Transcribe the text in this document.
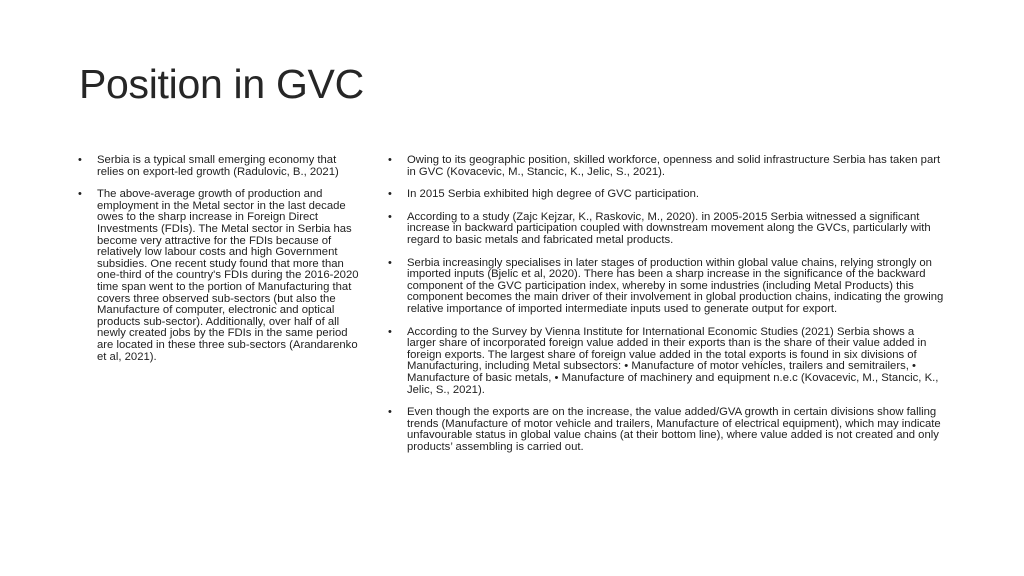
Position in GVC
• Serbia is a typical small emerging economy that relies on export-led growth (Radulovic, B., 2021)
• The above-average growth of production and employment in the Metal sector in the last decade owes to the sharp increase in Foreign Direct Investments (FDIs). The Metal sector in Serbia has become very attractive for the FDIs because of relatively low labour costs and high Government subsidies. One recent study found that more than one-third of the country's FDIs during the 2016-2020 time span went to the portion of Manufacturing that covers three observed sub-sectors (but also the Manufacture of computer, electronic and optical products sub-sector). Additionally, over half of all newly created jobs by the FDIs in the same period are located in these three sub-sectors (Arandarenko et al, 2021).
• Owing to its geographic position, skilled workforce, openness and solid infrastructure Serbia has taken part in GVC (Kovacevic, M., Stancic, K., Jelic, S., 2021).
• In 2015 Serbia exhibited high degree of GVC participation.
• According to a study (Zajc Kejzar, K., Raskovic, M., 2020). in 2005-2015 Serbia witnessed a significant increase in backward participation coupled with downstream movement along the GVCs, particularly with regard to basic metals and fabricated metal products.
• Serbia increasingly specialises in later stages of production within global value chains, relying strongly on imported inputs (Bjelic et al, 2020). There has been a sharp increase in the significance of the backward component of the GVC participation index, whereby in some industries (including Metal Products) this component becomes the main driver of their involvement in global production chains, indicating the growing relative importance of imported intermediate inputs used to generate output for export.
• According to the Survey by Vienna Institute for International Economic Studies (2021) Serbia shows a larger share of incorporated foreign value added in their exports than is the share of their value added in foreign exports. The largest share of foreign value added in the total exports is found in six divisions of Manufacturing, including Metal subsectors: • Manufacture of motor vehicles, trailers and semitrailers, • Manufacture of basic metals, • Manufacture of machinery and equipment n.e.c (Kovacevic, M., Stancic, K., Jelic, S., 2021).
• Even though the exports are on the increase, the value added/GVA growth in certain divisions show falling trends (Manufacture of motor vehicle and trailers, Manufacture of electrical equipment), which may indicate unfavourable status in global value chains (at their bottom line), where value added is not created and only products’ assembling is carried out.
